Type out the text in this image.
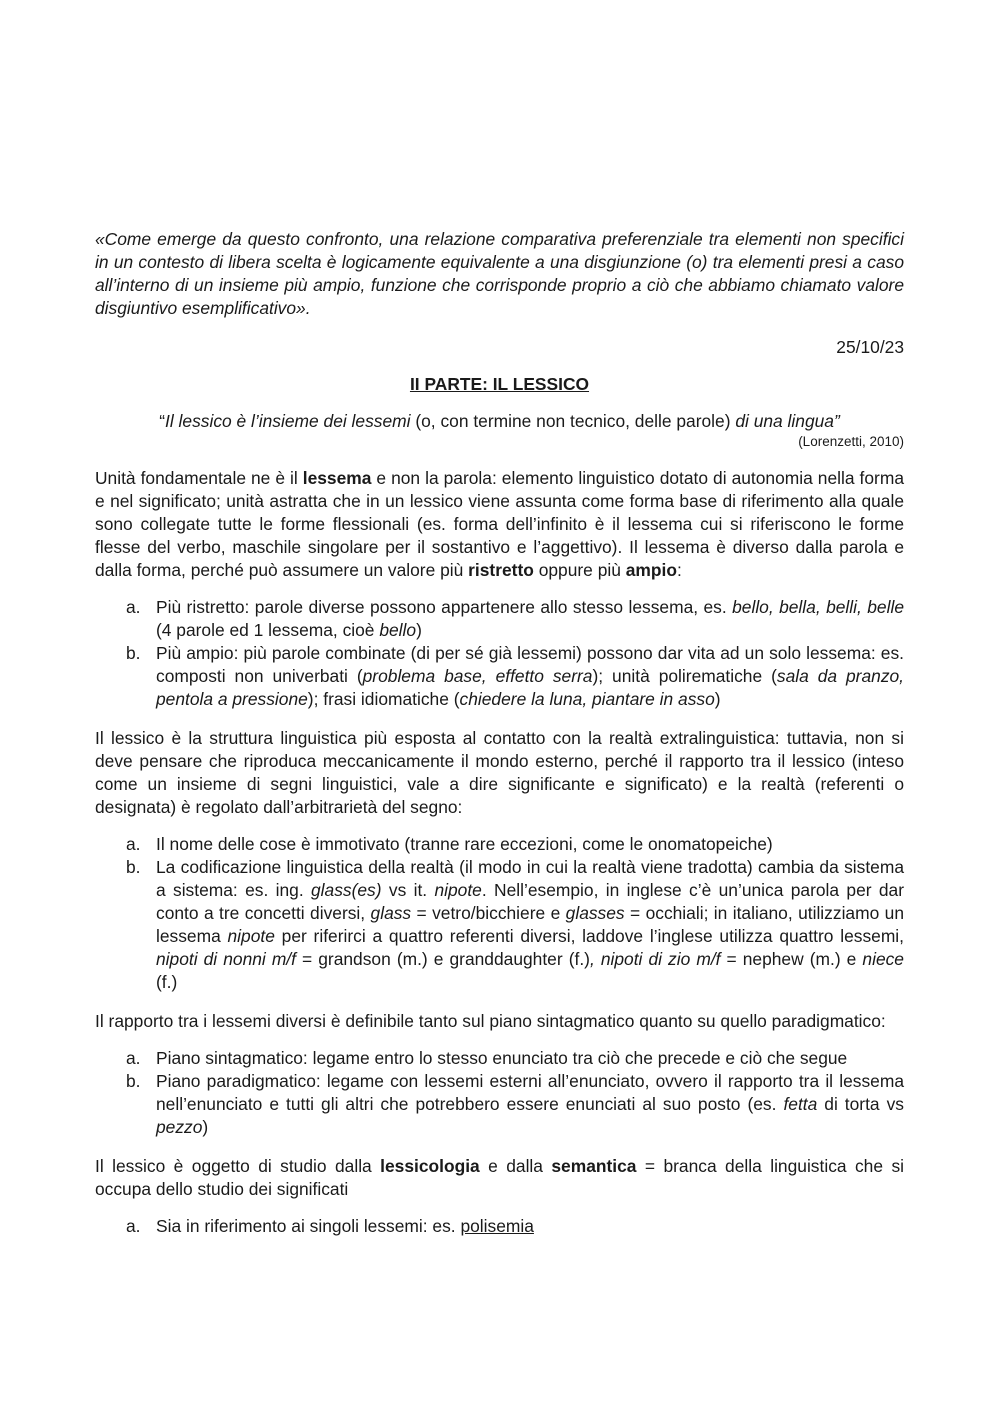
«Come emerge da questo confronto, una relazione comparativa preferenziale tra elementi non specifici in un contesto di libera scelta è logicamente equivalente a una disgiunzione (o) tra elementi presi a caso all’interno di un insieme più ampio, funzione che corrisponde proprio a ciò che abbiamo chiamato valore disgiuntivo esemplificativo».

25/10/23

II PARTE: IL LESSICO

“Il lessico è l’insieme dei lessemi (o, con termine non tecnico, delle parole) di una lingua”

(Lorenzetti, 2010)

Unità fondamentale ne è il lessema e non la parola: elemento linguistico dotato di autonomia nella forma e nel significato; unità astratta che in un lessico viene assunta come forma base di riferimento alla quale sono collegate tutte le forme flessionali (es. forma dell’infinito è il lessema cui si riferiscono le forme flesse del verbo, maschile singolare per il sostantivo e l’aggettivo). Il lessema è diverso dalla parola e dalla forma, perché può assumere un valore più ristretto oppure più ampio:

a. Più ristretto: parole diverse possono appartenere allo stesso lessema, es. bello, bella, belli, belle (4 parole ed 1 lessema, cioè bello)
b. Più ampio: più parole combinate (di per sé già lessemi) possono dar vita ad un solo lessema: es. composti non univerbati (problema base, effetto serra); unità polirematiche (sala da pranzo, pentola a pressione); frasi idiomatiche (chiedere la luna, piantare in asso)

Il lessico è la struttura linguistica più esposta al contatto con la realtà extralinguistica: tuttavia, non si deve pensare che riproduca meccanicamente il mondo esterno, perché il rapporto tra il lessico (inteso come un insieme di segni linguistici, vale a dire significante e significato) e la realtà (referenti o designata) è regolato dall’arbitrarietà del segno:

a. Il nome delle cose è immotivato (tranne rare eccezioni, come le onomatopeiche)
b. La codificazione linguistica della realtà (il modo in cui la realtà viene tradotta) cambia da sistema a sistema: es. ing. glass(es) vs it. nipote. Nell’esempio, in inglese c’è un’unica parola per dar conto a tre concetti diversi, glass = vetro/bicchiere e glasses = occhiali; in italiano, utilizziamo un lessema nipote per riferirci a quattro referenti diversi, laddove l’inglese utilizza quattro lessemi, nipoti di nonni m/f = grandson (m.) e granddaughter (f.), nipoti di zio m/f = nephew (m.) e niece (f.)

Il rapporto tra i lessemi diversi è definibile tanto sul piano sintagmatico quanto su quello paradigmatico:

a. Piano sintagmatico: legame entro lo stesso enunciato tra ciò che precede e ciò che segue
b. Piano paradigmatico: legame con lessemi esterni all’enunciato, ovvero il rapporto tra il lessema nell’enunciato e tutti gli altri che potrebbero essere enunciati al suo posto (es. fetta di torta vs pezzo)

Il lessico è oggetto di studio dalla lessicologia e dalla semantica = branca della linguistica che si occupa dello studio dei significati

a. Sia in riferimento ai singoli lessemi: es. polisemia
